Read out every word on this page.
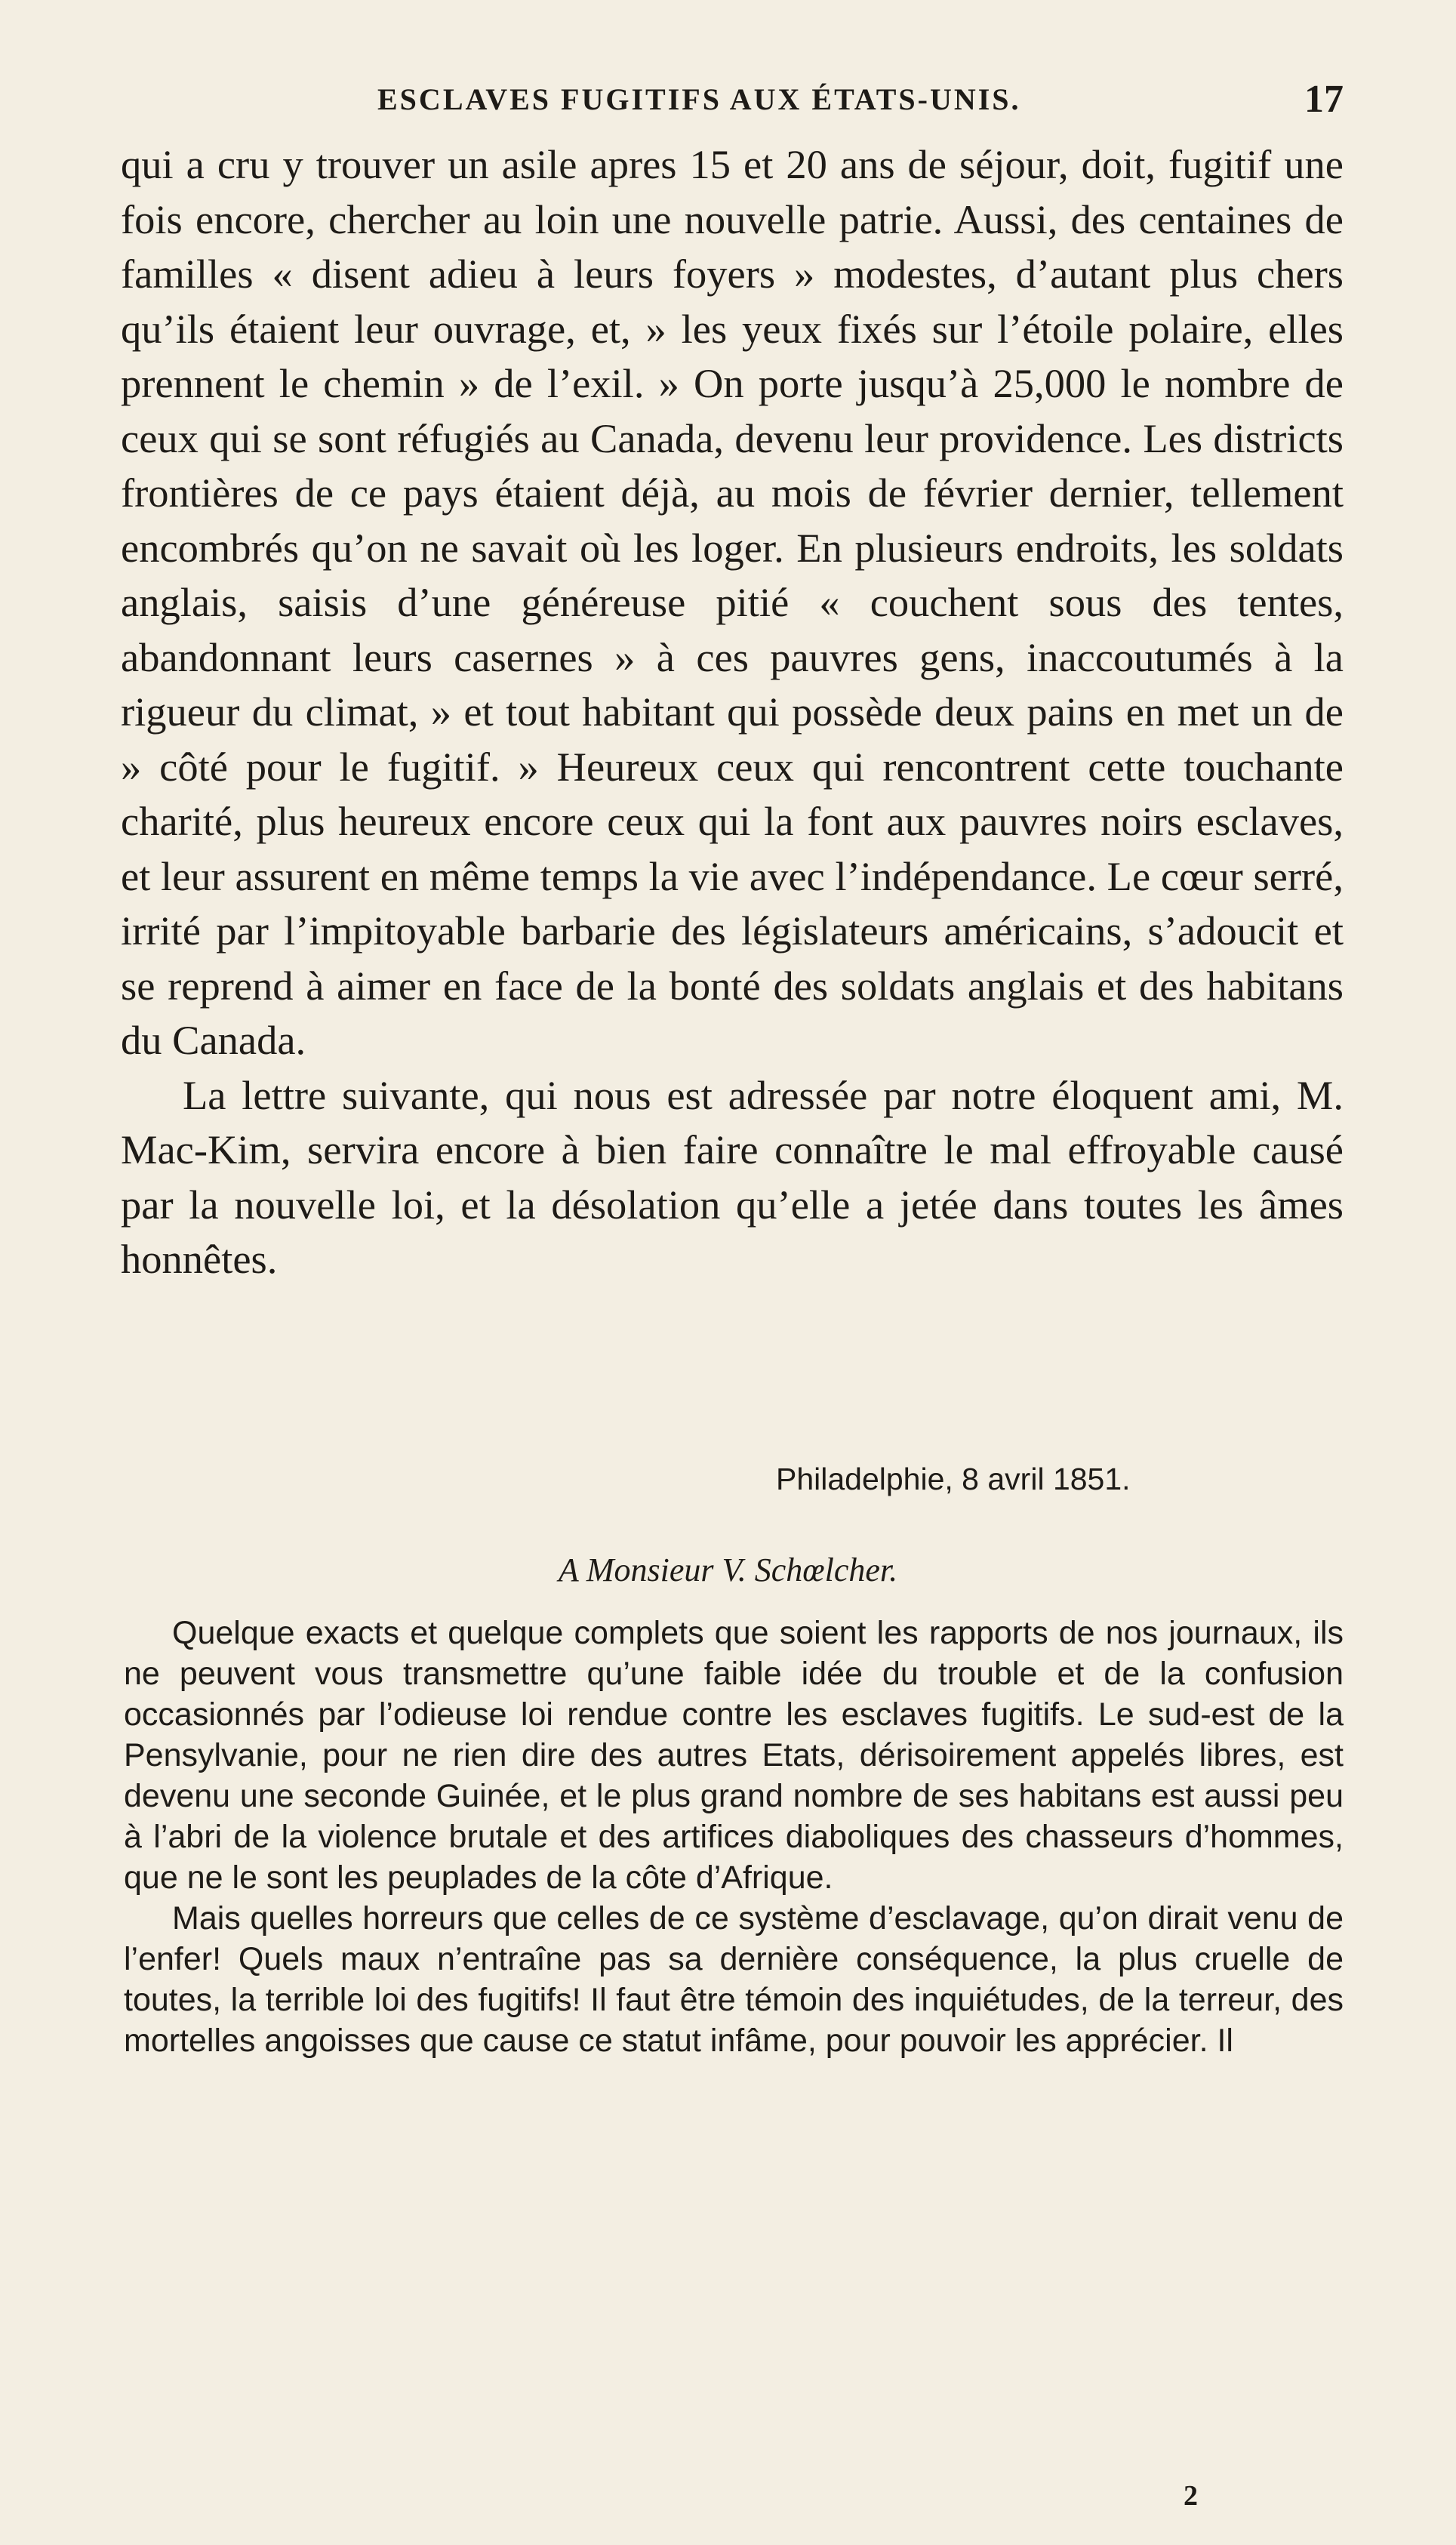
ESCLAVES FUGITIFS AUX ÉTATS-UNIS.	17

qui a cru y trouver un asile apres 15 et 20 ans de séjour, doit, fugitif une fois encore, chercher au loin une nouvelle patrie. Aussi, des centaines de familles « disent adieu à leurs foyers » modestes, d’autant plus chers qu’ils étaient leur ouvrage, et, » les yeux fixés sur l’étoile polaire, elles prennent le chemin » de l’exil. » On porte jusqu’à 25,000 le nombre de ceux qui se sont réfugiés au Canada, devenu leur providence. Les districts frontières de ce pays étaient déjà, au mois de février dernier, tellement encombrés qu’on ne savait où les loger. En plusieurs endroits, les soldats anglais, saisis d’une généreuse pitié « couchent sous des tentes, abandonnant leurs casernes » à ces pauvres gens, inaccoutumés à la rigueur du climat, » et tout habitant qui possède deux pains en met un de » côté pour le fugitif. » Heureux ceux qui rencontrent cette touchante charité, plus heureux encore ceux qui la font aux pauvres noirs esclaves, et leur assurent en même temps la vie avec l’indépendance. Le cœur serré, irrité par l’impitoyable barbarie des législateurs américains, s’adoucit et se reprend à aimer en face de la bonté des soldats anglais et des habitans du Canada.

La lettre suivante, qui nous est adressée par notre éloquent ami, M. Mac-Kim, servira encore à bien faire connaître le mal effroyable causé par la nouvelle loi, et la désolation qu’elle a jetée dans toutes les âmes honnêtes.

Philadelphie, 8 avril 1851.
A Monsieur V. Schœlcher.

Quelque exacts et quelque complets que soient les rapports de nos journaux, ils ne peuvent vous transmettre qu’une faible idée du trouble et de la confusion occasionnés par l’odieuse loi rendue contre les esclaves fugitifs. Le sud-est de la Pensylvanie, pour ne rien dire des autres Etats, dérisoirement appelés libres, est devenu une seconde Guinée, et le plus grand nombre de ses habitans est aussi peu à l’abri de la violence brutale et des artifices diaboliques des chasseurs d’hommes, que ne le sont les peuplades de la côte d’Afrique.

Mais quelles horreurs que celles de ce système d’esclavage, qu’on dirait venu de l’enfer! Quels maux n’entraîne pas sa dernière conséquence, la plus cruelle de toutes, la terrible loi des fugitifs! Il faut être témoin des inquiétudes, de la terreur, des mortelles angoisses que cause ce statut infâme, pour pouvoir les apprécier. Il

2
